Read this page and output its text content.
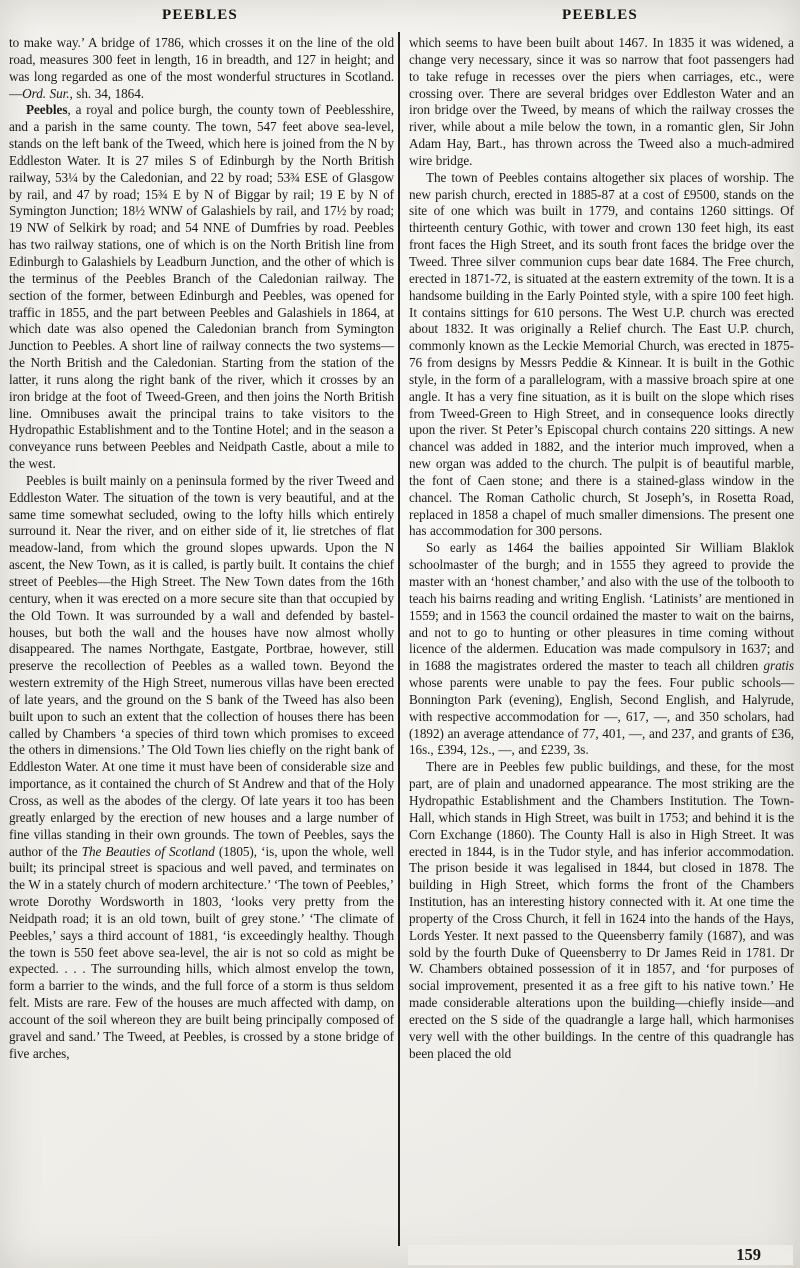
PEEBLES	PEEBLES

to make way.’ A bridge of 1786, which crosses it on the line of the old road, measures 300 feet in length, 16 in breadth, and 127 in height; and was long regarded as one of the most wonderful structures in Scotland.—Ord. Sur., sh. 34, 1864.

Peebles, a royal and police burgh, the county town of Peeblesshire, and a parish in the same county. The town, 547 feet above sea-level, stands on the left bank of the Tweed, which here is joined from the N by Eddleston Water. It is 27 miles S of Edinburgh by the North British railway, 53¼ by the Caledonian, and 22 by road; 53¾ ESE of Glasgow by rail, and 47 by road; 15¾ E by N of Biggar by rail; 19 E by N of Symington Junction; 18½ WNW of Galashiels by rail, and 17½ by road; 19 NW of Selkirk by road; and 54 NNE of Dumfries by road. Peebles has two railway stations, one of which is on the North British line from Edinburgh to Galashiels by Leadburn Junction, and the other of which is the terminus of the Peebles Branch of the Caledonian railway. The section of the former, between Edinburgh and Peebles, was opened for traffic in 1855, and the part between Peebles and Galashiels in 1864, at which date was also opened the Caledonian branch from Symington Junction to Peebles. A short line of railway connects the two systems—the North British and the Caledonian. Starting from the station of the latter, it runs along the right bank of the river, which it crosses by an iron bridge at the foot of Tweed-Green, and then joins the North British line. Omnibuses await the principal trains to take visitors to the Hydropathic Establishment and to the Tontine Hotel; and in the season a conveyance runs between Peebles and Neidpath Castle, about a mile to the west.

Peebles is built mainly on a peninsula formed by the river Tweed and Eddleston Water. The situation of the town is very beautiful, and at the same time somewhat secluded, owing to the lofty hills which entirely surround it. Near the river, and on either side of it, lie stretches of flat meadow-land, from which the ground slopes upwards. Upon the N ascent, the New Town, as it is called, is partly built. It contains the chief street of Peebles—the High Street. The New Town dates from the 16th century, when it was erected on a more secure site than that occupied by the Old Town. It was surrounded by a wall and defended by bastel-houses, but both the wall and the houses have now almost wholly disappeared. The names Northgate, Eastgate, Portbrae, however, still preserve the recollection of Peebles as a walled town. Beyond the western extremity of the High Street, numerous villas have been erected of late years, and the ground on the S bank of the Tweed has also been built upon to such an extent that the collection of houses there has been called by Chambers ‘a species of third town which promises to exceed the others in dimensions.’ The Old Town lies chiefly on the right bank of Eddleston Water. At one time it must have been of considerable size and importance, as it contained the church of St Andrew and that of the Holy Cross, as well as the abodes of the clergy. Of late years it too has been greatly enlarged by the erection of new houses and a large number of fine villas standing in their own grounds. The town of Peebles, says the author of the The Beauties of Scotland (1805), ‘is, upon the whole, well built; its principal street is spacious and well paved, and terminates on the W in a stately church of modern architecture.’ ‘The town of Peebles,’ wrote Dorothy Wordsworth in 1803, ‘looks very pretty from the Neidpath road; it is an old town, built of grey stone.’ ‘The climate of Peebles,’ says a third account of 1881, ‘is exceedingly healthy. Though the town is 550 feet above sea-level, the air is not so cold as might be expected. . . . The surrounding hills, which almost envelop the town, form a barrier to the winds, and the full force of a storm is thus seldom felt. Mists are rare. Few of the houses are much affected with damp, on account of the soil whereon they are built being principally composed of gravel and sand.’ The Tweed, at Peebles, is crossed by a stone bridge of five arches,

which seems to have been built about 1467. In 1835 it was widened, a change very necessary, since it was so narrow that foot passengers had to take refuge in recesses over the piers when carriages, etc., were crossing over. There are several bridges over Eddleston Water and an iron bridge over the Tweed, by means of which the railway crosses the river, while about a mile below the town, in a romantic glen, Sir John Adam Hay, Bart., has thrown across the Tweed also a much-admired wire bridge.

The town of Peebles contains altogether six places of worship. The new parish church, erected in 1885-87 at a cost of £9500, stands on the site of one which was built in 1779, and contains 1260 sittings. Of thirteenth century Gothic, with tower and crown 130 feet high, its east front faces the High Street, and its south front faces the bridge over the Tweed. Three silver communion cups bear date 1684. The Free church, erected in 1871-72, is situated at the eastern extremity of the town. It is a handsome building in the Early Pointed style, with a spire 100 feet high. It contains sittings for 610 persons. The West U.P. church was erected about 1832. It was originally a Relief church. The East U.P. church, commonly known as the Leckie Memorial Church, was erected in 1875-76 from designs by Messrs Peddie & Kinnear. It is built in the Gothic style, in the form of a parallelogram, with a massive broach spire at one angle. It has a very fine situation, as it is built on the slope which rises from Tweed-Green to High Street, and in consequence looks directly upon the river. St Peter’s Episcopal church contains 220 sittings. A new chancel was added in 1882, and the interior much improved, when a new organ was added to the church. The pulpit is of beautiful marble, the font of Caen stone; and there is a stained-glass window in the chancel. The Roman Catholic church, St Joseph’s, in Rosetta Road, replaced in 1858 a chapel of much smaller dimensions. The present one has accommodation for 300 persons.

So early as 1464 the bailies appointed Sir William Blaklok schoolmaster of the burgh; and in 1555 they agreed to provide the master with an ‘honest chamber,’ and also with the use of the tolbooth to teach his bairns reading and writing English. ‘Latinists’ are mentioned in 1559; and in 1563 the council ordained the master to wait on the bairns, and not to go to hunting or other pleasures in time coming without licence of the aldermen. Education was made compulsory in 1637; and in 1688 the magistrates ordered the master to teach all children gratis whose parents were unable to pay the fees. Four public schools—Bonnington Park (evening), English, Second English, and Halyrude, with respective accommodation for —, 617, —, and 350 scholars, had (1892) an average attendance of 77, 401, —, and 237, and grants of £36, 16s., £394, 12s., —, and £239, 3s.

There are in Peebles few public buildings, and these, for the most part, are of plain and unadorned appearance. The most striking are the Hydropathic Establishment and the Chambers Institution. The Town-Hall, which stands in High Street, was built in 1753; and behind it is the Corn Exchange (1860). The County Hall is also in High Street. It was erected in 1844, is in the Tudor style, and has inferior accommodation. The prison beside it was legalised in 1844, but closed in 1878. The building in High Street, which forms the front of the Chambers Institution, has an interesting history connected with it. At one time the property of the Cross Church, it fell in 1624 into the hands of the Hays, Lords Yester. It next passed to the Queensberry family (1687), and was sold by the fourth Duke of Queensberry to Dr James Reid in 1781. Dr W. Chambers obtained possession of it in 1857, and ‘for purposes of social improvement, presented it as a free gift to his native town.’ He made considerable alterations upon the building—chiefly inside—and erected on the S side of the quadrangle a large hall, which harmonises very well with the other buildings. In the centre of this quadrangle has been placed the old

159
